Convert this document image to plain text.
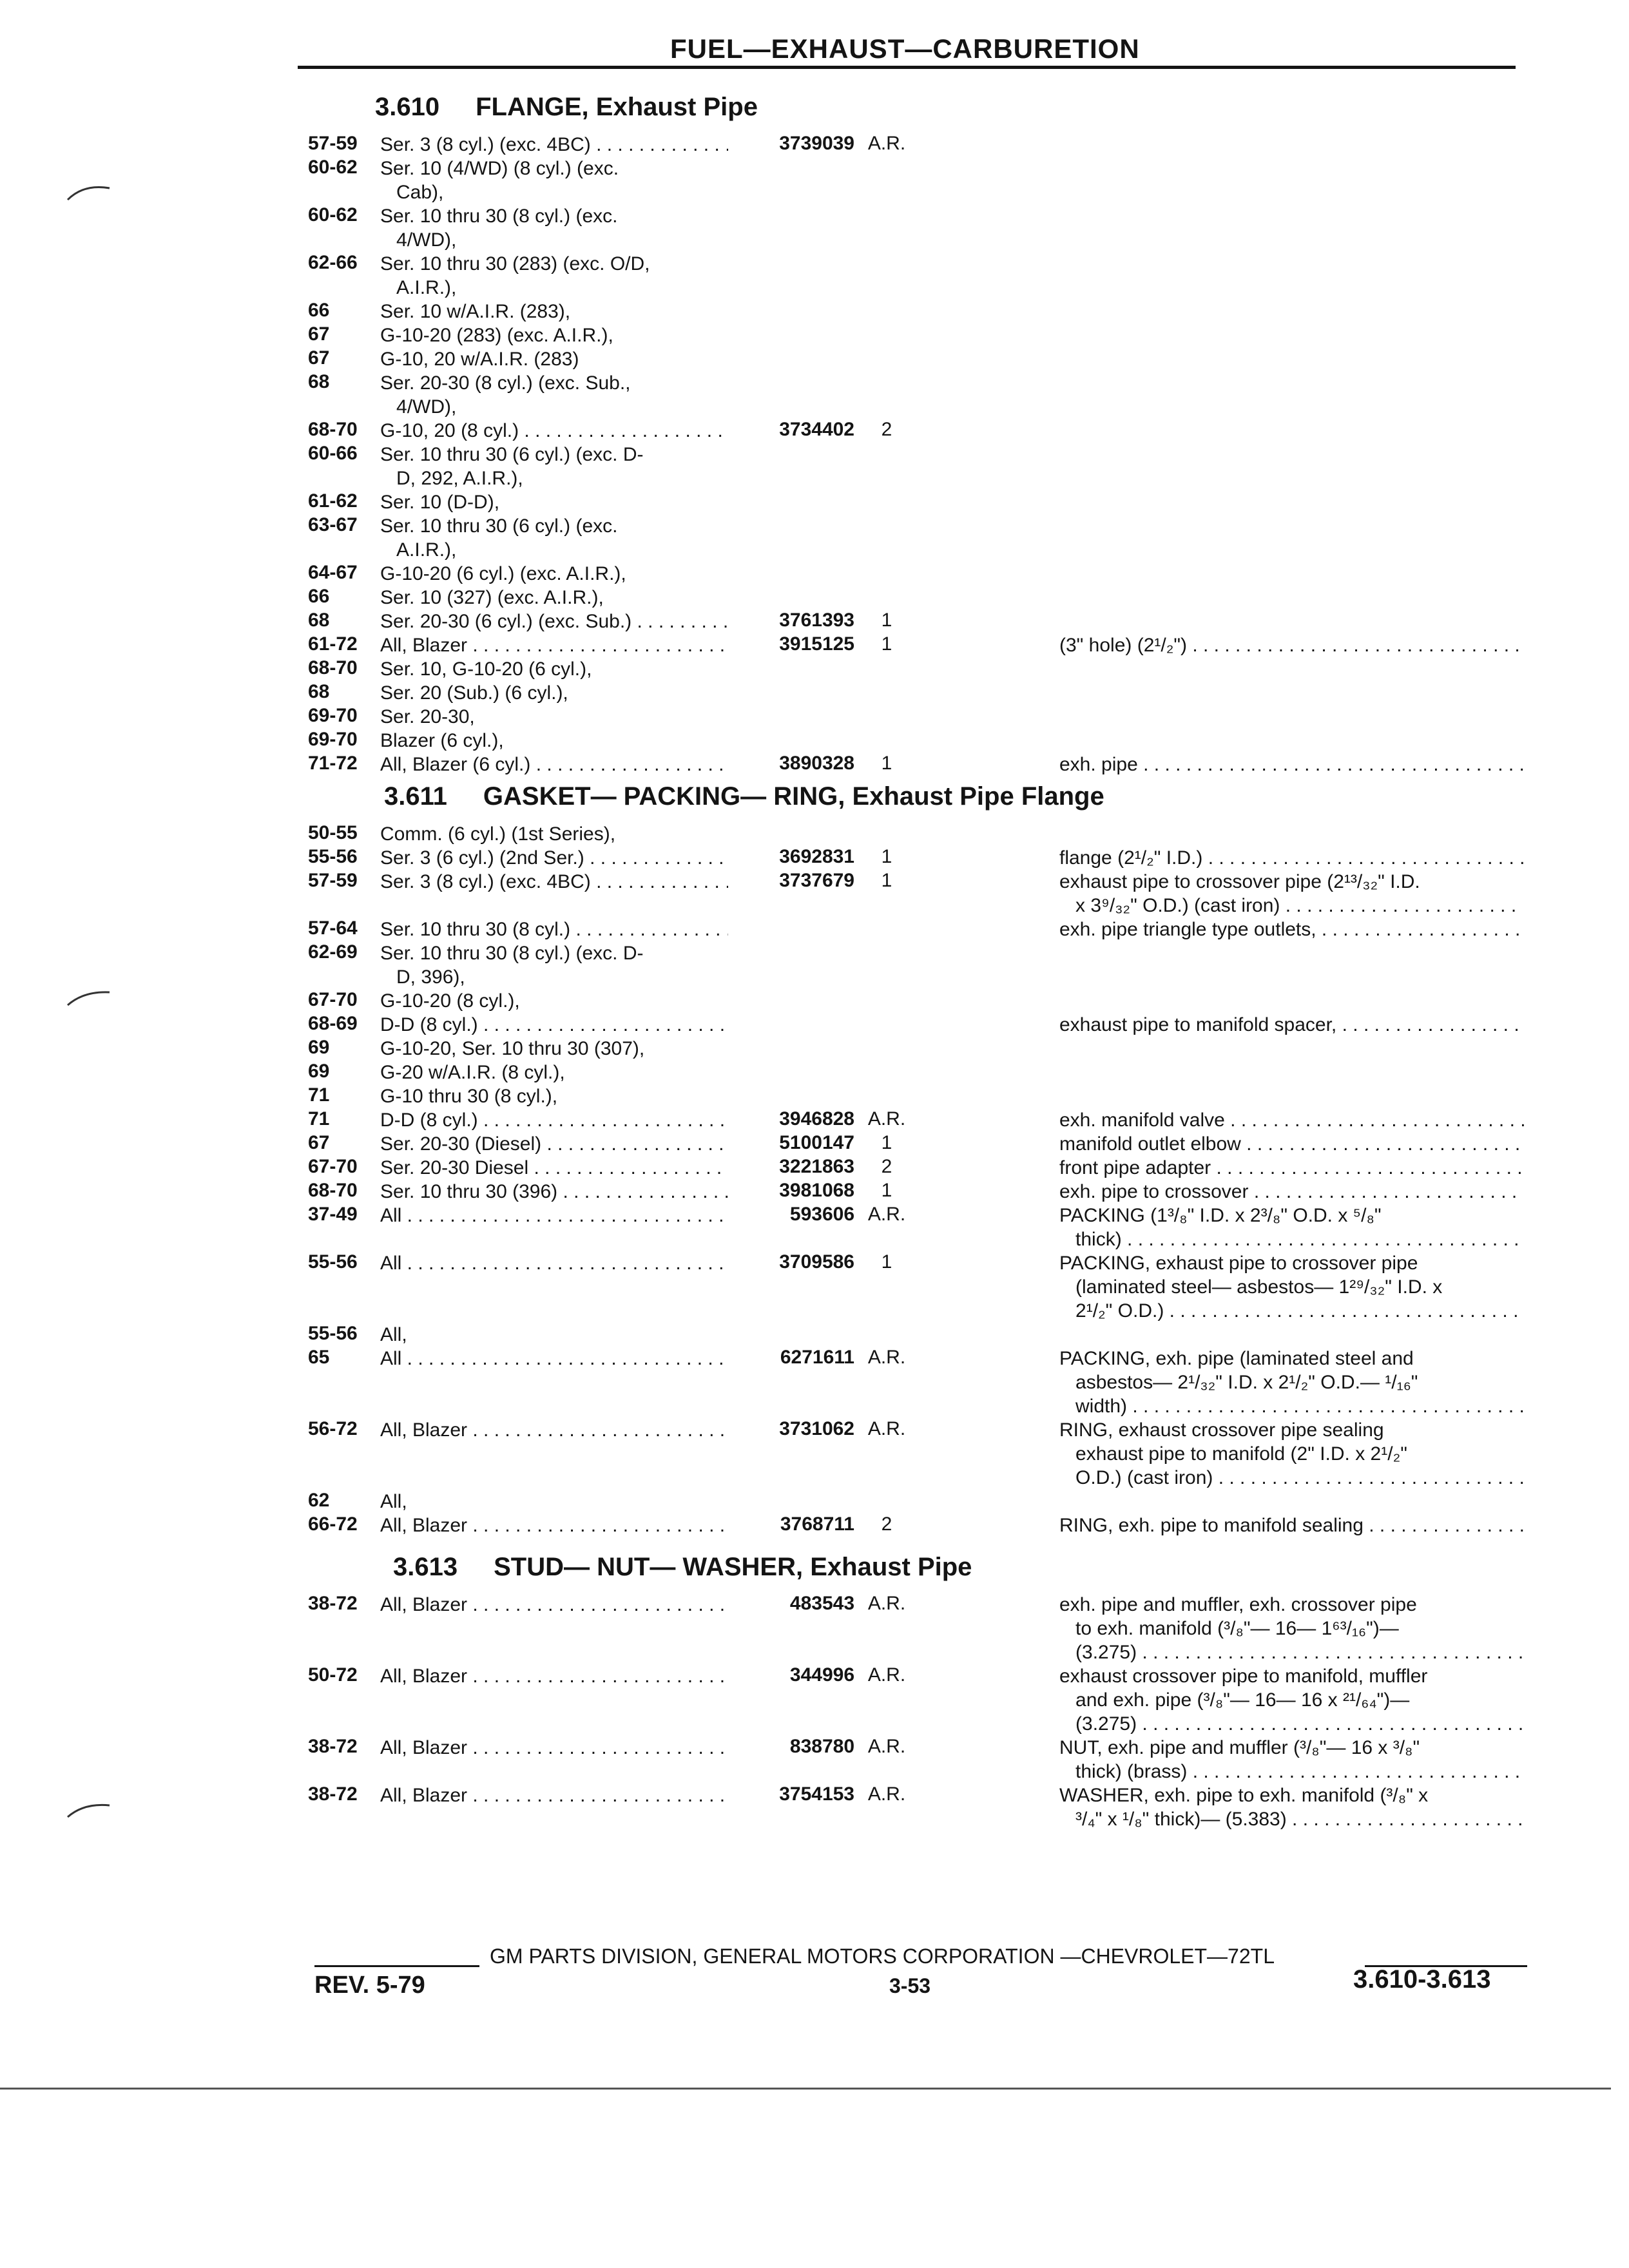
FUEL—EXHAUST—CARBURETION
3.610 FLANGE, Exhaust Pipe
57-59 Ser. 3 (8 cyl.) (exc. 4BC) . . .	3739039 A.R.
60-62 Ser. 10 (4/WD) (8 cyl.) (exc.
Cab),
60-62 Ser. 10 thru 30 (8 cyl.) (exc.
4/WD),
62-66 Ser. 10 thru 30 (283) (exc. O/D,
A.I.R.),
66	Ser. 10 w/A.I.R. (283),
67	G-10-20 (283) (exc. A.I.R.),
67	G-10, 20 w/A.I.R. (283)
68	Ser. 20-30 (8 cyl.) (exc. Sub.,
4/WD),
68-70 G-10, 20 (8 cyl.) . . .	3734402	2
60-66 Ser. 10 thru 30 (6 cyl.) (exc. D-
D, 292, A.I.R.),
61-62 Ser. 10 (D-D),
63-67 Ser. 10 thru 30 (6 cyl.) (exc.
A.I.R.),
64-67 G-10-20 (6 cyl.) (exc. A.I.R.),
66	Ser. 10 (327) (exc. A.I.R.),
68	Ser. 20-30 (6 cyl.) (exc. Sub.) . . .	3761393	1
61-72 All, Blazer . . .	3915125	1	(3" hole) (2¹/₂") . . .
68-70 Ser. 10, G-10-20 (6 cyl.),
68	Ser. 20 (Sub.) (6 cyl.),
69-70 Ser. 20-30,
69-70 Blazer (6 cyl.),
71-72 All, Blazer (6 cyl.) . . .	3890328	1	exh. pipe . . .
3.611 GASKET— PACKING— RING, Exhaust Pipe Flange
50-55 Comm. (6 cyl.) (1st Series),
55-56 Ser. 3 (6 cyl.) (2nd Ser.) . . .	3692831	1	flange (2¹/₂" I.D.) . . .
57-59 Ser. 3 (8 cyl.) (exc. 4BC) . . .	3737679	1	exhaust pipe to crossover pipe (2¹³/₃₂" I.D.
x 3⁹/₃₂" O.D.) (cast iron) . . .
57-64 Ser. 10 thru 30 (8 cyl.) . . .	exh. pipe triangle type outlets, . . .
62-69 Ser. 10 thru 30 (8 cyl.) (exc. D-
D, 396),
67-70 G-10-20 (8 cyl.),
68-69 D-D (8 cyl.) . . .	exhaust pipe to manifold spacer, . . .
69	G-10-20, Ser. 10 thru 30 (307),
69	G-20 w/A.I.R. (8 cyl.),
71	G-10 thru 30 (8 cyl.),
71	D-D (8 cyl.) . . .	3946828 A.R.	exh. manifold valve . . .
67	Ser. 20-30 (Diesel) . . .	5100147	1	manifold outlet elbow . . .
67-70 Ser. 20-30 Diesel . . .	3221863	2	front pipe adapter . . .
68-70 Ser. 10 thru 30 (396) . . .	3981068	1	exh. pipe to crossover . . .
37-49 All . . .	593606 A.R.	PACKING (1³/₈" I.D. x 2³/₈" O.D. x ⁵/₈"
thick) . . .
55-56 All . . .	3709586	1	PACKING, exhaust pipe to crossover pipe
(laminated steel— asbestos— 1²⁹/₃₂" I.D. x
2¹/₂" O.D.) . . .
55-56 All,
65	All . . .	6271611 A.R.	PACKING, exh. pipe (laminated steel and
asbestos— 2¹/₃₂" I.D. x 2¹/₂" O.D.— ¹/₁₆"
width) . . .
56-72 All, Blazer . . .	3731062 A.R.	RING, exhaust crossover pipe sealing
exhaust pipe to manifold (2" I.D. x 2¹/₂"
O.D.) (cast iron) . . .
62	All,
66-72 All, Blazer . . .	3768711	2	RING, exh. pipe to manifold sealing . . .
3.613 STUD— NUT— WASHER, Exhaust Pipe
38-72 All, Blazer . . .	483543 A.R.	exh. pipe and muffler, exh. crossover pipe
to exh. manifold (³/₈"— 16— 1⁶³/₁₆")—
(3.275) . . .
50-72 All, Blazer . . .	344996 A.R.	exhaust crossover pipe to manifold, muffler
and exh. pipe (³/₈"— 16— 16 x ²¹/₆₄")—
(3.275) . . .
38-72 All, Blazer . . .	838780 A.R.	NUT, exh. pipe and muffler (³/₈"— 16 x ³/₈"
thick) (brass) . . .
38-72 All, Blazer . . .	3754153 A.R.	WASHER, exh. pipe to exh. manifold (³/₈" x
³/₄" x ¹/₈" thick)— (5.383) . . .
GM PARTS DIVISION, GENERAL MOTORS CORPORATION —CHEVROLET—72TL
REV. 5-79	3-53	3.610-3.613
